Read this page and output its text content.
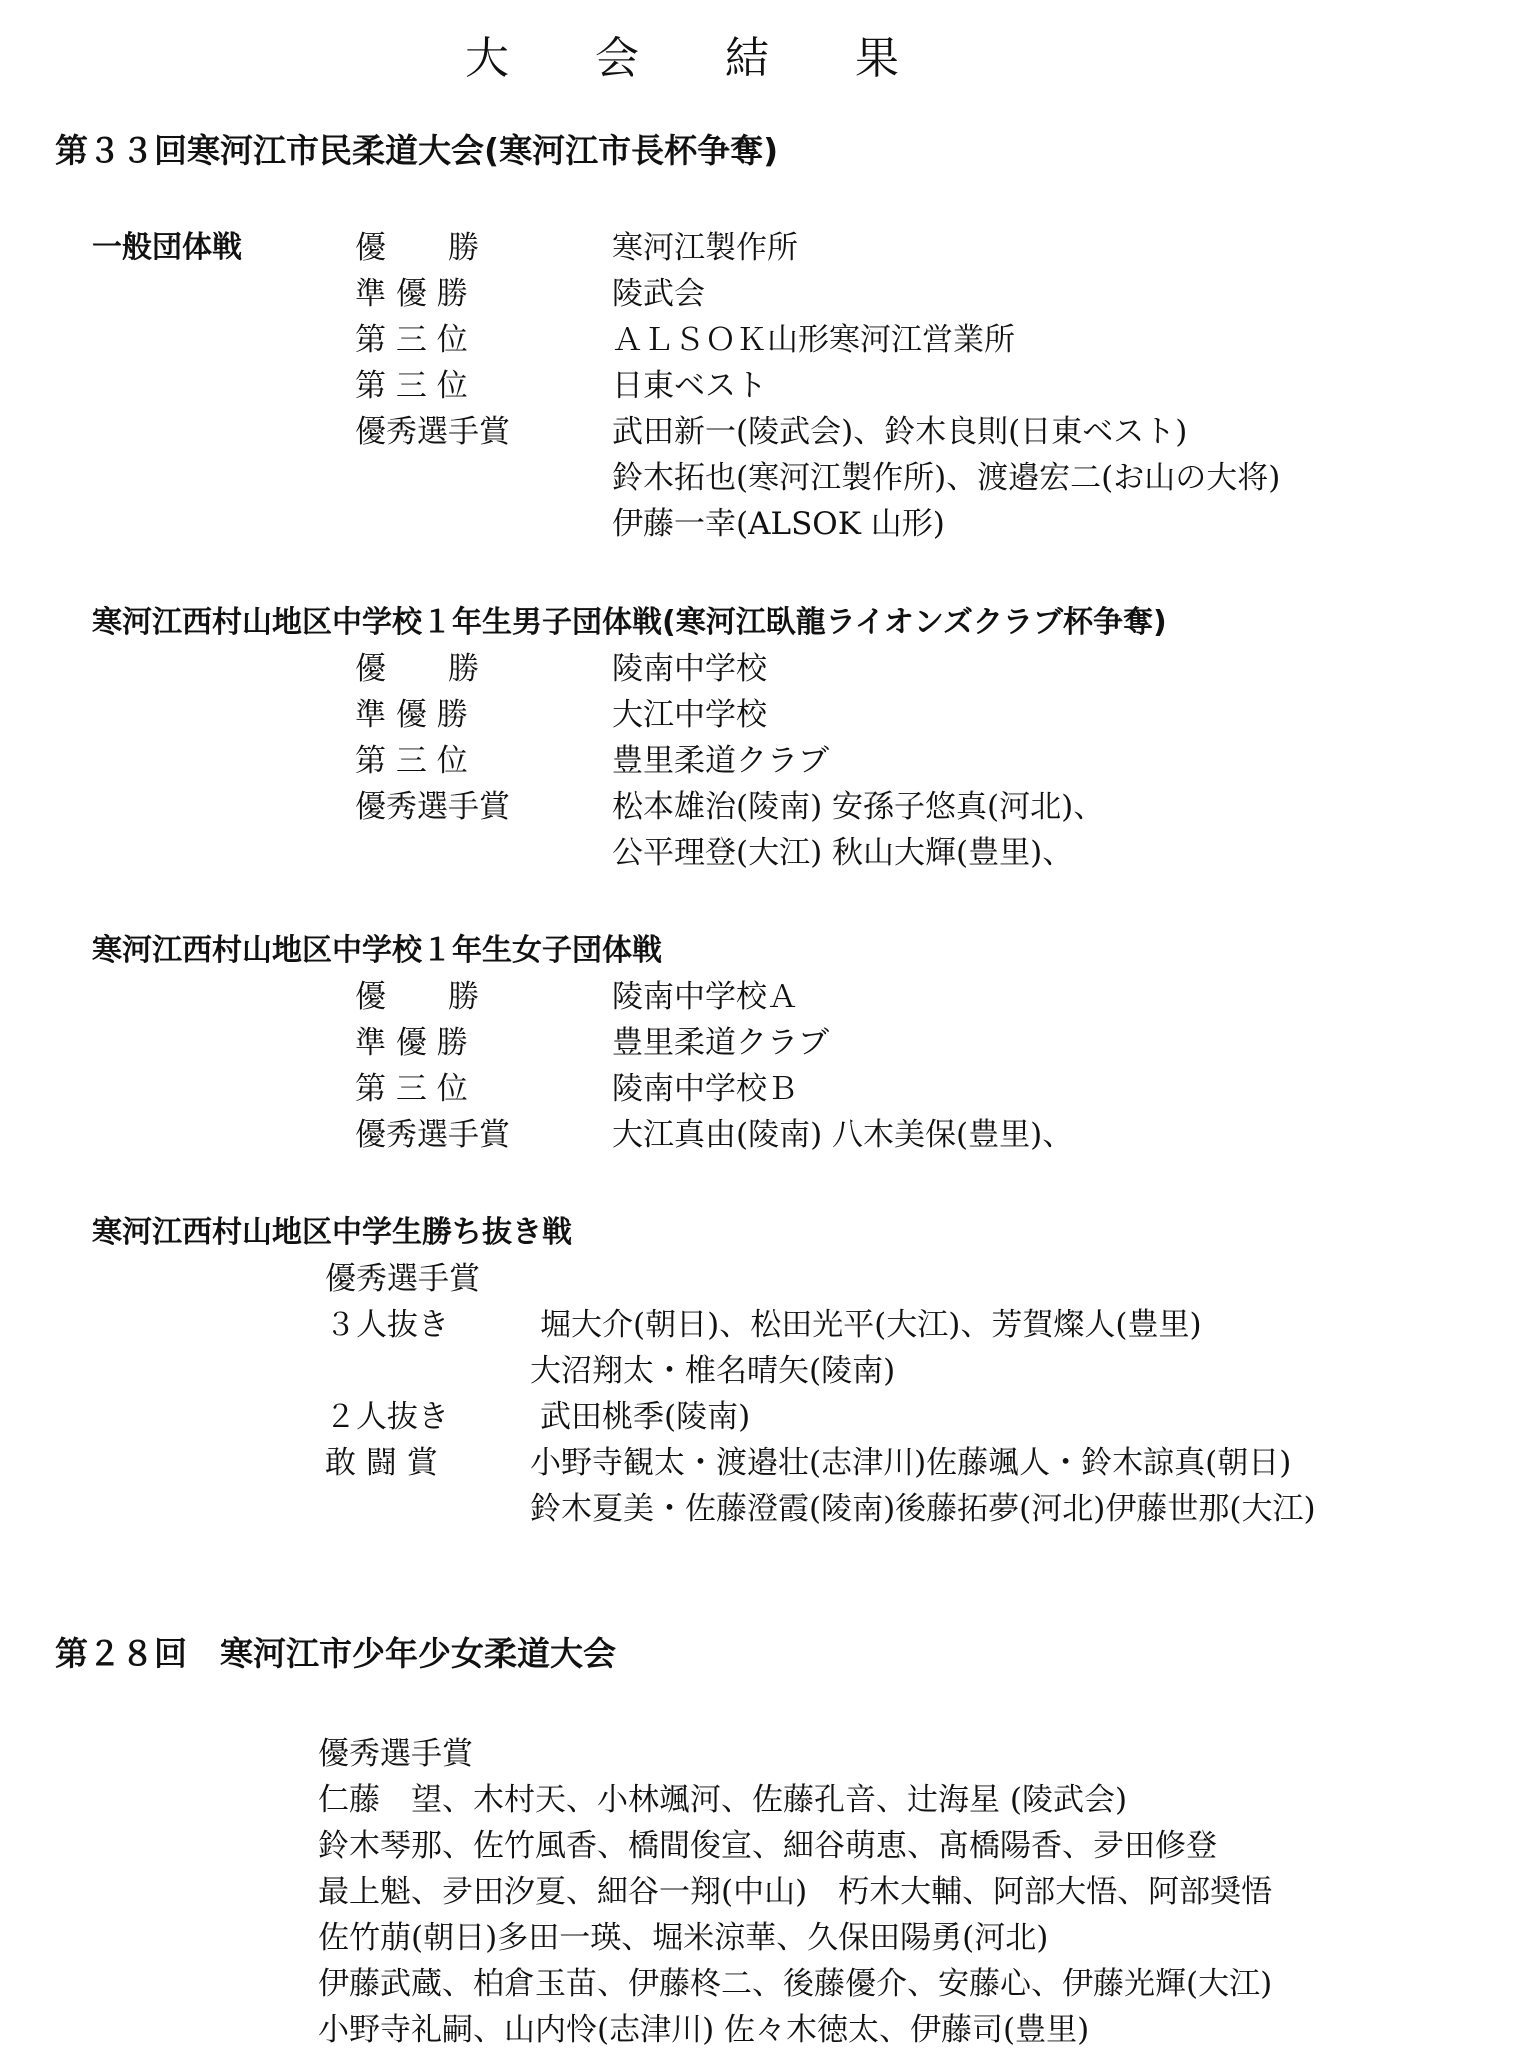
大 会 結 果
第３３回寒河江市民柔道大会(寒河江市長杯争奪)
一般団体戦	優　　勝	寒河江製作所
準 優 勝	陵武会
第 三 位	ＡＬＳＯＫ山形寒河江営業所
第 三 位	日東ベスト
優秀選手賞	武田新一(陵武会)、鈴木良則(日東ベスト)
鈴木拓也(寒河江製作所)、渡邉宏二(お山の大将)
伊藤一幸(ALSOK 山形)
寒河江西村山地区中学校１年生男子団体戦(寒河江臥龍ライオンズクラブ杯争奪)
優　　勝	陵南中学校
準 優 勝	大江中学校
第 三 位	豊里柔道クラブ
優秀選手賞	松本雄治(陵南) 安孫子悠真(河北)、
公平理登(大江) 秋山大輝(豊里)、
寒河江西村山地区中学校１年生女子団体戦
優　　勝	陵南中学校Ａ
準 優 勝	豊里柔道クラブ
第 三 位	陵南中学校Ｂ
優秀選手賞	大江真由(陵南) 八木美保(豊里)、
寒河江西村山地区中学生勝ち抜き戦
優秀選手賞
３人抜き	堀大介(朝日)、松田光平(大江)、芳賀燦人(豊里)
大沼翔太・椎名晴矢(陵南)
２人抜き	武田桃季(陵南)
敢 闘 賞	小野寺観太・渡邉壮(志津川)佐藤颯人・鈴木諒真(朝日)
鈴木夏美・佐藤澄霞(陵南)後藤拓夢(河北)伊藤世那(大江)
第２８回　寒河江市少年少女柔道大会
優秀選手賞
仁藤　望、木村天、小林颯河、佐藤孔音、辻海星 (陵武会)
鈴木琴那、佐竹風香、橋間俊宣、細谷萌恵、髙橋陽香、夛田修登
最上魁、夛田汐夏、細谷一翔(中山)　朽木大輔、阿部大悟、阿部奨悟
佐竹萠(朝日)多田一瑛、堀米涼華、久保田陽勇(河北)
伊藤武蔵、柏倉玉苗、伊藤柊二、後藤優介、安藤心、伊藤光輝(大江)
小野寺礼嗣、山内怜(志津川) 佐々木徳太、伊藤司(豊里)
